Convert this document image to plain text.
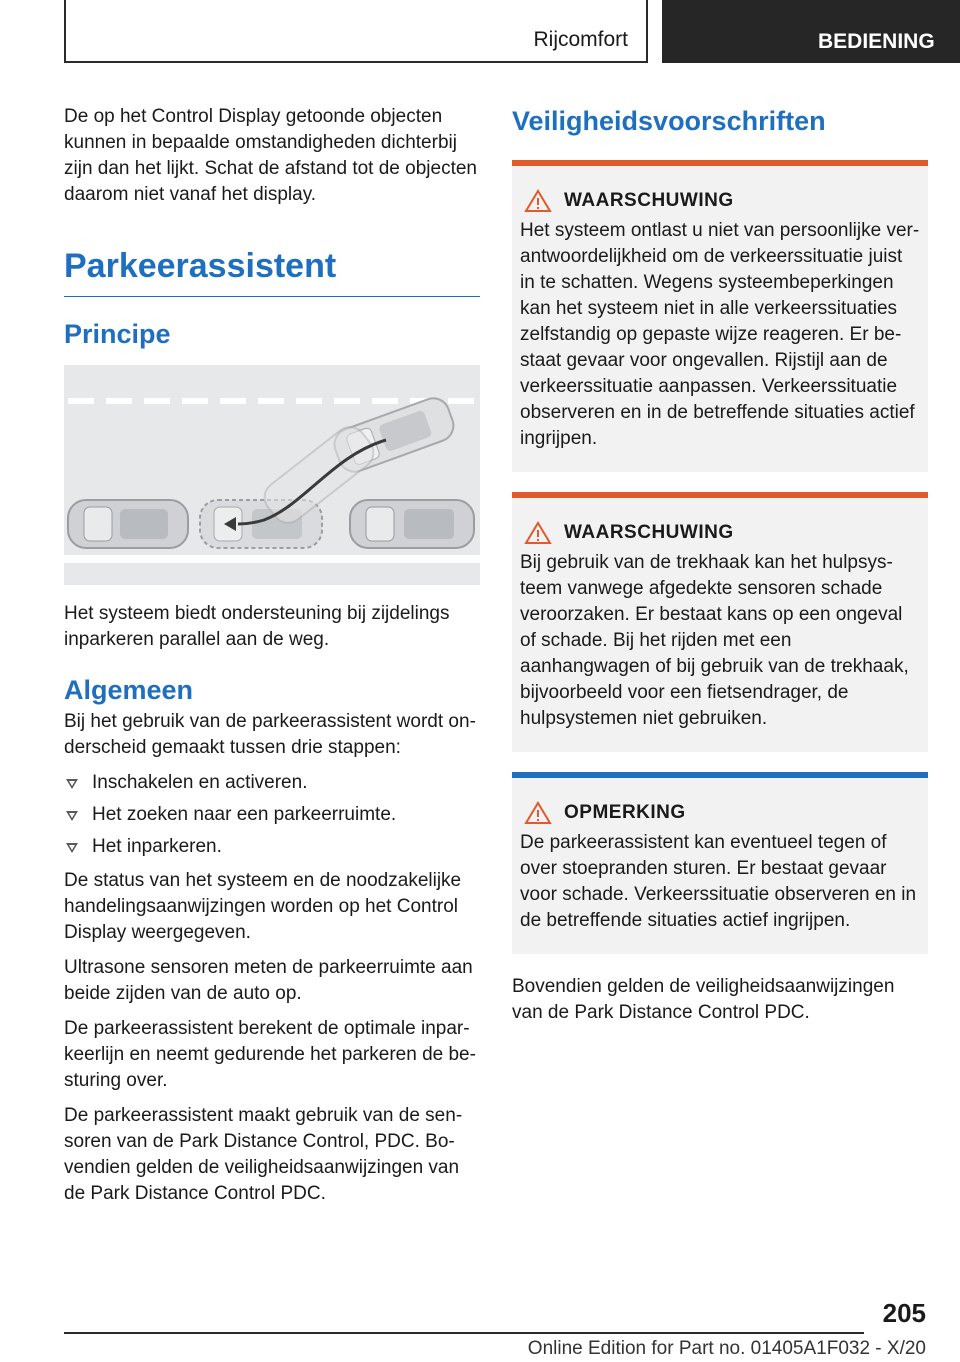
Rijcomfort	BEDIENING

De op het Control Display getoonde objecten kunnen in bepaalde omstandigheden dichterbij zijn dan het lijkt. Schat de afstand tot de objecten daarom niet vanaf het display.

Parkeerassistent
Principe

Het systeem biedt ondersteuning bij zijdelings inparkeren parallel aan de weg.

Algemeen

Bij het gebruik van de parkeerassistent wordt onderscheid gemaakt tussen drie stappen:

Inschakelen en activeren.
Het zoeken naar een parkeerruimte.
Het inparkeren.

De status van het systeem en de noodzakelijke handelingsaanwijzingen worden op het Control Display weergegeven.

Ultrasone sensoren meten de parkeerruimte aan beide zijden van de auto op.

De parkeerassistent berekent de optimale inparkeerlijn en neemt gedurende het parkeren de besturing over.

De parkeerassistent maakt gebruik van de sensoren van de Park Distance Control, PDC. Bovendien gelden de veiligheidsaanwijzingen van de Park Distance Control PDC.

Veiligheidsvoorschriften
WAARSCHUWING

Het systeem ontlast u niet van persoonlijke verantwoordelijkheid om de verkeerssituatie juist in te schatten. Wegens systeembeperkingen kan het systeem niet in alle verkeerssituaties zelfstandig op gepaste wijze reageren. Er bestaat gevaar voor ongevallen. Rijstijl aan de verkeerssituatie aanpassen. Verkeerssituatie observeren en in de betreffende situaties actief ingrijpen.

WAARSCHUWING

Bij gebruik van de trekhaak kan het hulpsysteem vanwege afgedekte sensoren schade veroorzaken. Er bestaat kans op een ongeval of schade. Bij het rijden met een aanhangwagen of bij gebruik van de trekhaak, bijvoorbeeld voor een fietsendrager, de hulpsystemen niet gebruiken.

OPMERKING

De parkeerassistent kan eventueel tegen of over stoepranden sturen. Er bestaat gevaar voor schade. Verkeerssituatie observeren en in de betreffende situaties actief ingrijpen.

Bovendien gelden de veiligheidsaanwijzingen van de Park Distance Control PDC.

205
Online Edition for Part no. 01405A1F032 - X/20
